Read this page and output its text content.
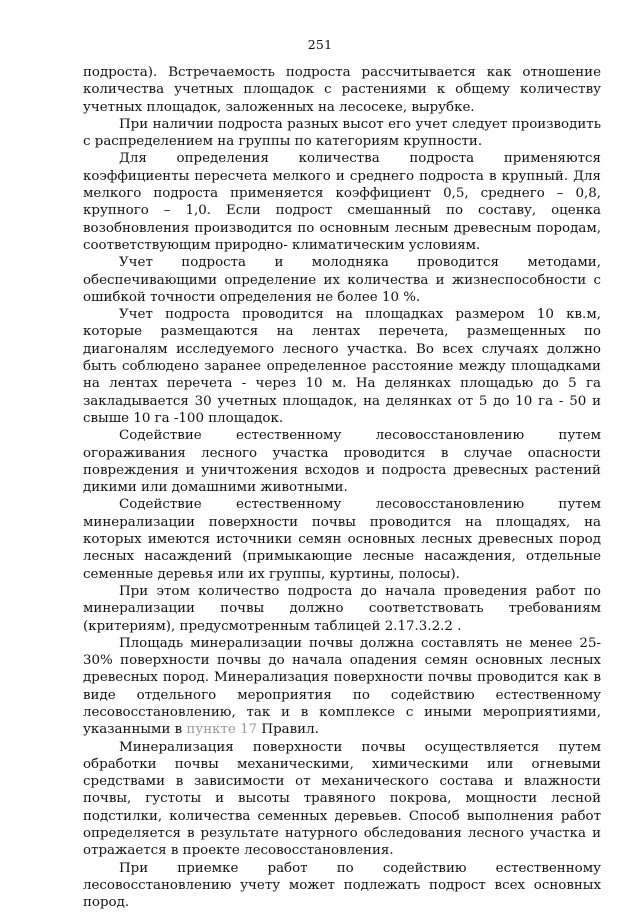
251

подроста). Встречаемость подроста рассчитывается как отношение количества учетных площадок с растениями к общему количеству учетных площадок, заложенных на лесосеке, вырубке.

При наличии подроста разных высот его учет следует производить с распределением на группы по категориям крупности.

Для определения количества подроста применяются коэффициенты пересчета мелкого и среднего подроста в крупный. Для мелкого подроста применяется коэффициент 0,5, среднего – 0,8, крупного – 1,0. Если подрост смешанный по составу, оценка возобновления производится по основным лесным древесным породам, соответствующим природно- климатическим условиям.

Учет подроста и молодняка проводится методами, обеспечивающими определение их количества и жизнеспособности с ошибкой точности определения не более 10 %.

Учет подроста проводится на площадках размером 10 кв.м, которые размещаются на лентах перечета, размещенных по диагоналям исследуемого лесного участка. Во всех случаях должно быть соблюдено заранее определенное расстояние между площадками на лентах перечета - через 10 м. На делянках площадью до 5 га закладывается 30 учетных площадок, на делянках от 5 до 10 га - 50 и свыше 10 га -100 площадок.

Содействие естественному лесовосстановлению путем огораживания лесного участка проводится в случае опасности повреждения и уничтожения всходов и подроста древесных растений дикими или домашними животными.

Содействие естественному лесовосстановлению путем минерализации поверхности почвы проводится на площадях, на которых имеются источники семян основных лесных древесных пород лесных насаждений (примыкающие лесные насаждения, отдельные семенные деревья или их группы, куртины, полосы).

При этом количество подроста до начала проведения работ по минерализации почвы должно соответствовать требованиям (критериям), предусмотренным таблицей 2.17.3.2.2 .

Площадь минерализации почвы должна составлять не менее 25-30% поверхности почвы до начала опадения семян основных лесных древесных пород. Минерализация поверхности почвы проводится как в виде отдельного мероприятия по содействию естественному лесовосстановлению, так и в комплексе с иными мероприятиями, указанными в пункте 17 Правил.

Минерализация поверхности почвы осуществляется путем обработки почвы механическими, химическими или огневыми средствами в зависимости от механического состава и влажности почвы, густоты и высоты травяного покрова, мощности лесной подстилки, количества семенных деревьев. Способ выполнения работ определяется в результате натурного обследования лесного участка и отражается в проекте лесовосстановления.

При приемке работ по содействию естественному лесовосстановлению учету может подлежать подрост всех основных пород.
